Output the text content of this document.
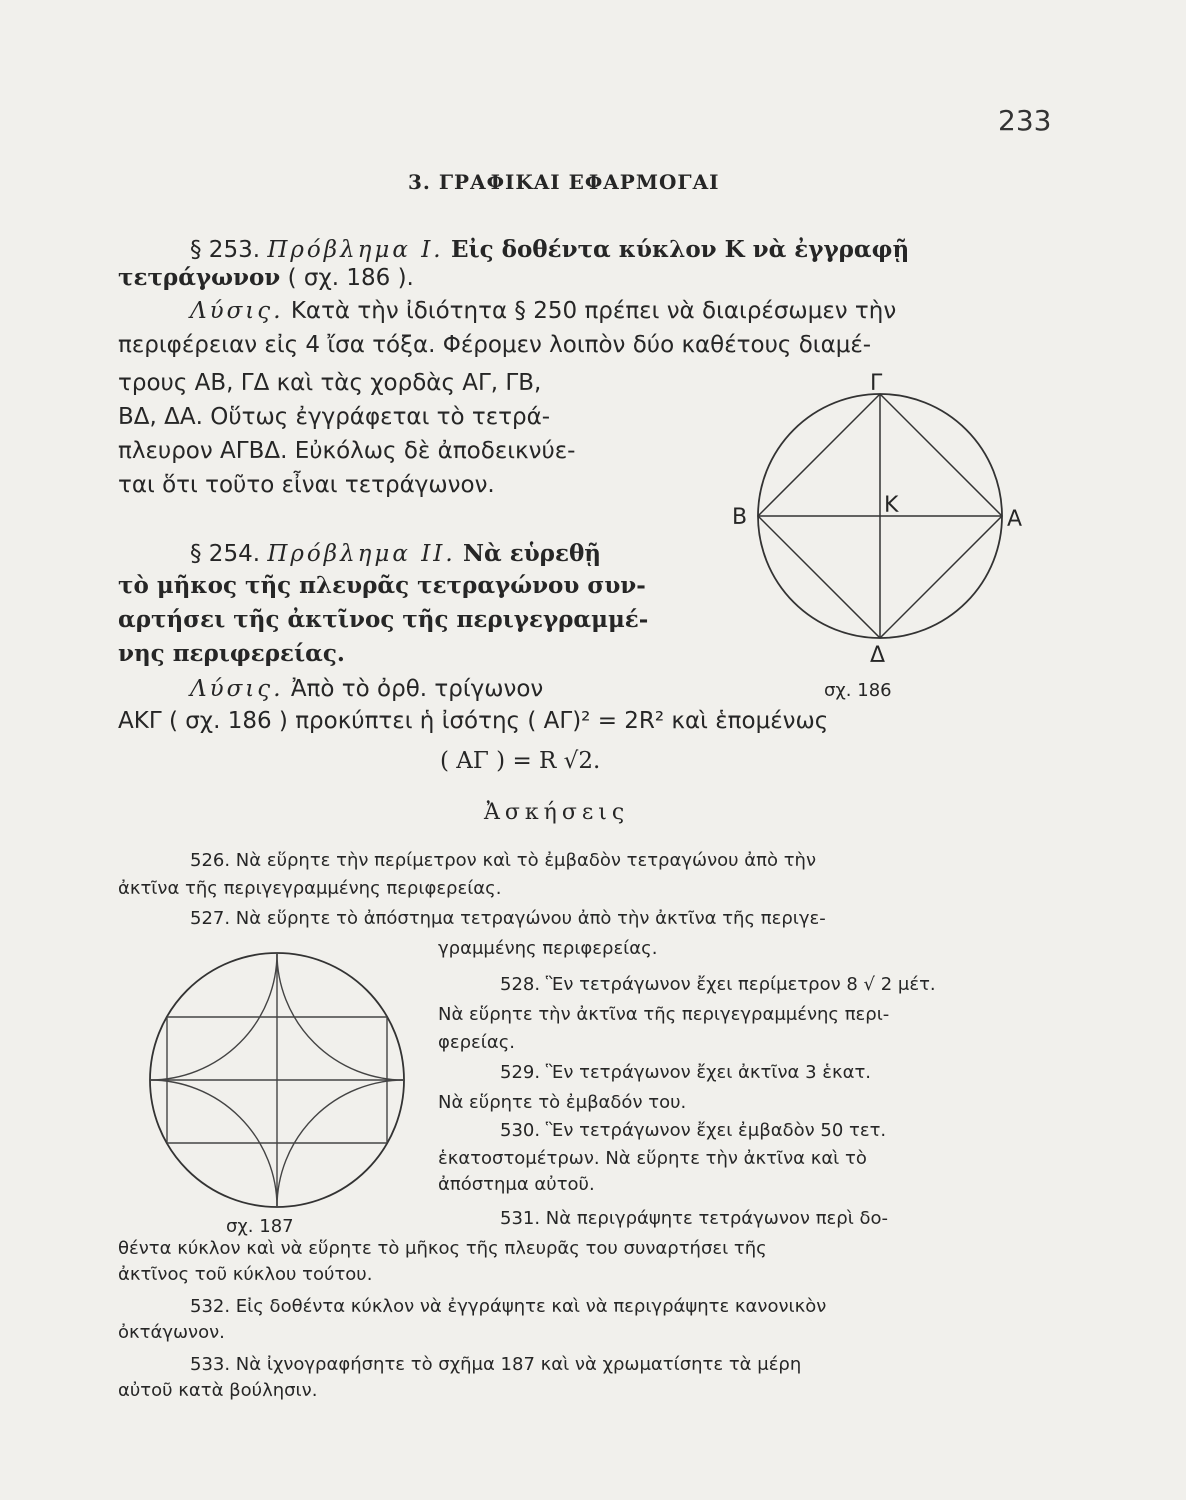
233
3. ΓΡΑΦΙΚΑΙ ΕΦΑΡΜΟΓΑΙ
§ 253. Πρόβλημα Ι. Εἰς δοθέντα κύκλον Κ νὰ ἐγγραφῇ
τετράγωνον ( σχ. 186 ).
Λύσις. Κατὰ τὴν ἰδιότητα § 250 πρέπει νὰ διαιρέσωμεν τὴν
περιφέρειαν εἰς 4 ἴσα τόξα. Φέρομεν λοιπὸν δύο καθέτους διαμέ-
τρους ΑΒ, ΓΔ καὶ τὰς χορδὰς ΑΓ, ΓΒ,
ΒΔ, ΔΑ. Οὕτως ἐγγράφεται τὸ τετρά-
πλευρον ΑΓΒΔ. Εὐκόλως δὲ ἀποδεικνύε-
ται ὅτι τοῦτο εἶναι τετράγωνον.
§ 254. Πρόβλημα ΙΙ. Νὰ εὑρεθῇ
τὸ μῆκος τῆς πλευρᾶς τετραγώνου συν-
αρτήσει τῆς ἀκτῖνος τῆς περιγεγραμμέ-
νης περιφερείας.
Λύσις. Ἀπὸ τὸ ὀρθ. τρίγωνον
ΑΚΓ ( σχ. 186 ) προκύπτει ἡ ἰσότης ( ΑΓ)² = 2R² καὶ ἑπομένως
( ΑΓ ) = R √2.
Γ
Δ
Β	Α
Κ
σχ. 186
Ἀσκήσεις
526. Νὰ εὕρητε τὴν περίμετρον καὶ τὸ ἐμβαδὸν τετραγώνου ἀπὸ τὴν
ἀκτῖνα τῆς περιγεγραμμένης περιφερείας.
527. Νὰ εὕρητε τὸ ἀπόστημα τετραγώνου ἀπὸ τὴν ἀκτῖνα τῆς περιγε-
γραμμένης περιφερείας.
528. Ἓν τετράγωνον ἔχει περίμετρον 8 √ 2 μέτ.
Νὰ εὕρητε τὴν ἀκτῖνα τῆς περιγεγραμμένης περι-
φερείας.
529. Ἓν τετράγωνον ἔχει ἀκτῖνα 3 ἑκατ.
Νὰ εὕρητε τὸ ἐμβαδόν του.
530. Ἓν τετράγωνον ἔχει ἐμβαδὸν 50 τετ.
ἑκατοστομέτρων. Νὰ εὕρητε τὴν ἀκτῖνα καὶ τὸ
ἀπόστημα αὐτοῦ.
531. Νὰ περιγράψητε τετράγωνον περὶ δο-
θέντα κύκλον καὶ νὰ εὕρητε τὸ μῆκος τῆς πλευρᾶς του συναρτήσει τῆς
ἀκτῖνος τοῦ κύκλου τούτου.
532. Εἰς δοθέντα κύκλον νὰ ἐγγράψητε καὶ νὰ περιγράψητε κανονικὸν
ὀκτάγωνον.
533. Νὰ ἰχνογραφήσητε τὸ σχῆμα 187 καὶ νὰ χρωματίσητε τὰ μέρη
αὐτοῦ κατὰ βούλησιν.
σχ. 187
